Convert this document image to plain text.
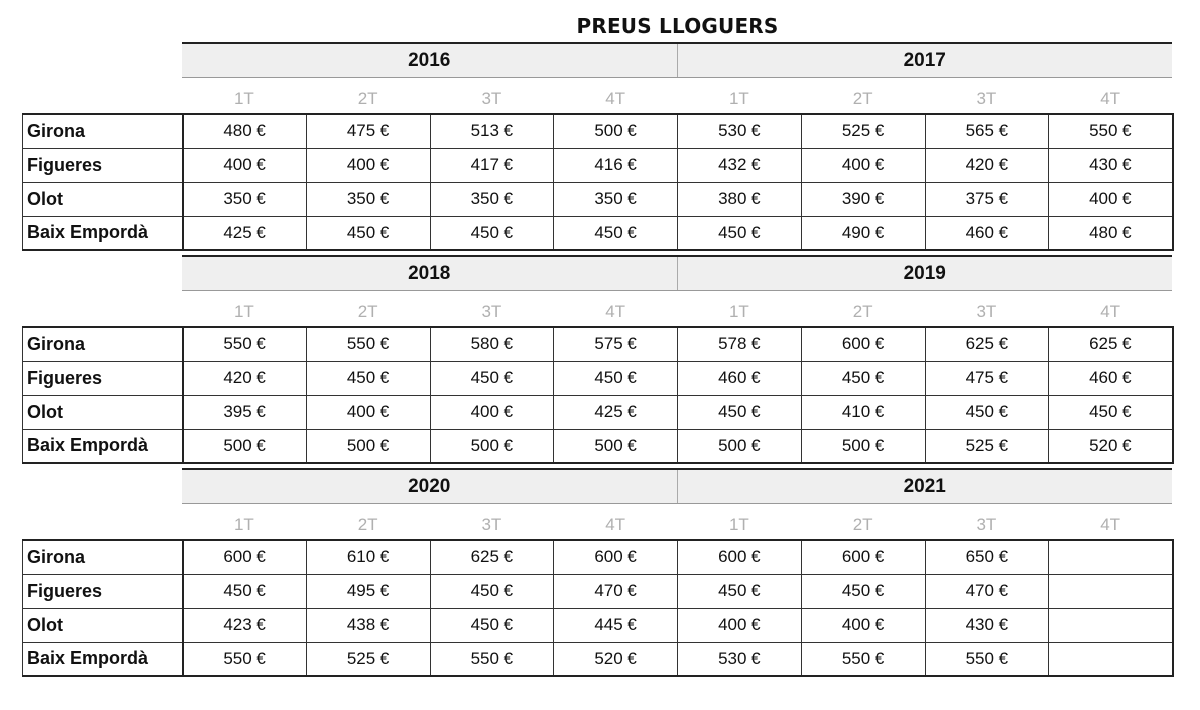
PREUS LLOGUERS
2016	2017
1T	2T	3T	4T	1T	2T	3T	4T
Girona	480 €	475 €	513 €	500 €	530 €	525 €	565 €	550 €
Figueres	400 €	400 €	417 €	416 €	432 €	400 €	420 €	430 €
Olot	350 €	350 €	350 €	350 €	380 €	390 €	375 €	400 €
Baix Empordà	425 €	450 €	450 €	450 €	450 €	490 €	460 €	480 €
2018	2019
1T	2T	3T	4T	1T	2T	3T	4T
Girona	550 €	550 €	580 €	575 €	578 €	600 €	625 €	625 €
Figueres	420 €	450 €	450 €	450 €	460 €	450 €	475 €	460 €
Olot	395 €	400 €	400 €	425 €	450 €	410 €	450 €	450 €
Baix Empordà	500 €	500 €	500 €	500 €	500 €	500 €	525 €	520 €
2020	2021
1T	2T	3T	4T	1T	2T	3T	4T
Girona	600 €	610 €	625 €	600 €	600 €	600 €	650 €	
Figueres	450 €	495 €	450 €	470 €	450 €	450 €	470 €	
Olot	423 €	438 €	450 €	445 €	400 €	400 €	430 €	
Baix Empordà	550 €	525 €	550 €	520 €	530 €	550 €	550 €	
